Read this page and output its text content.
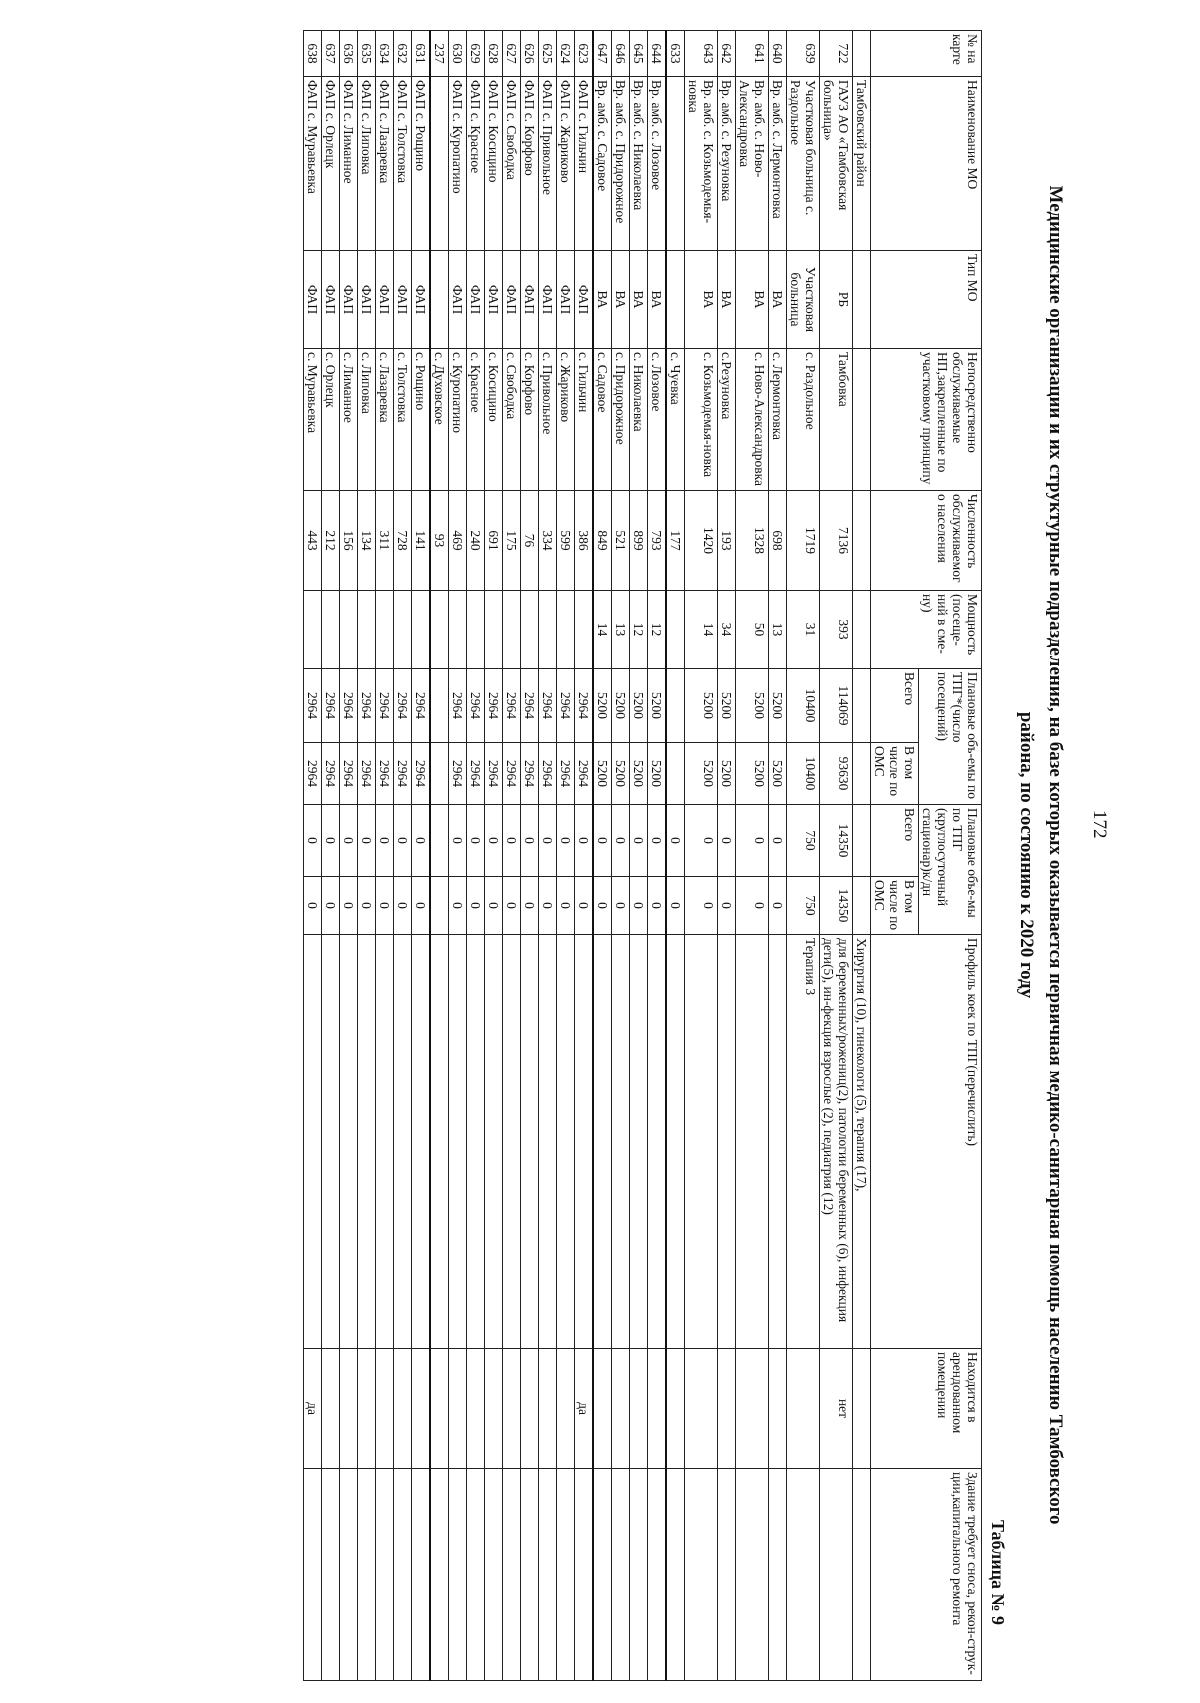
172
Медицинские организации и их структурные подразделения, на базе которых оказывается первичная медико-санитарная помощь населению Тамбовского
района, по состоянию к 2020 году
Таблица № 9
№ на карте	Наименование МО	Тип МО	Непосредственно обслуживаемые НП,закрепленные по участковому принципу	Численность обслуживаемого населения	Мощность (посеще-ний в сме-ну)	Плановые объ-емы по ТПГ*(число посещений)		Плановые объе-мы по ТПГ (круглосуточный стационар)к/дн		Профиль коек по ТПГ(перечислить)	Находится в арендованном помещении	Здание требует сноса, рекон-струк-ции,капитального ремонта
						Всего	В том числе по ОМС	Всего	В том числе по ОМС			
	Тамбовский район									Хирургия (10), гинекологи (5), терапия (17),		
722	ГАУЗ АО «Тамбовская больница»	РБ	Тамбовка	7136	393	114069	93630	14350	14350	для беременных/рожениц(2), патологии беременных (6), инфекция дети(5), ин-фекция взрослые (2), педиатрия (12)	нет	
639	Участковая больница с. Раздольное	Участковая больница	с. Раздольное	1719	31	10400	10400	750	750	Терапия 3		
640	Вр. амб. с. Лермонтовка	ВА	с. Лермонтовка	698	13	5200	5200	0	0			
641	Вр. амб. с. Ново-Александровка	ВА	с. Ново-Александровка	1328	50	5200	5200	0	0			
642	Вр. амб. с. Резуновка	ВА	с.Резуновка	193	34	5200	5200	0	0			
643	Вр. амб. с. Козьмодемья-новка	ВА	с. Козьмодемья-новка	1420	14	5200	5200	0	0			
633			с. Чуевка	177				0	0			
644	Вр. амб. с. Лозовое	ВА	с. Лозовое	793	12	5200	5200	0	0			
645	Вр. амб. с. Николаевка	ВА	с. Николаевка	899	12	5200	5200	0	0			
646	Вр. амб. с. Придорожное	ВА	с. Придорожное	521	13	5200	5200	0	0			
647	Вр. амб. с. Садовое	ВА	с. Садовое	849	14	5200	5200	0	0			
623	ФАП с. Гильчин	ФАП	с. Гильчин	386		2964	2964	0	0		да	
624	ФАП с. Жариково	ФАП	с. Жариково	599		2964	2964	0	0			
625	ФАП с. Привольное	ФАП	с. Привольное	334		2964	2964	0	0			
626	ФАП с. Корфово	ФАП	с. Корфово	76		2964	2964	0	0			
627	ФАП с. Свободка	ФАП	с. Свободка	175		2964	2964	0	0			
628	ФАП с. Косицино	ФАП	с. Косицино	691		2964	2964	0	0			
629	ФАП с. Красное	ФАП	с. Красное	240		2964	2964	0	0			
630	ФАП с. Куропатино	ФАП	с. Куропатино	469		2964	2964	0	0			
237			с. Духовское	93								
631	ФАП с. Рощино	ФАП	с. Рощино	141		2964	2964	0	0			
632	ФАП с. Толстовка	ФАП	с. Толстовка	728		2964	2964	0	0			
634	ФАП с. Лазаревка	ФАП	с. Лазаревка	311		2964	2964	0	0			
635	ФАП с. Липовка	ФАП	с. Липовка	134		2964	2964	0	0			
636	ФАП с. Лиманное	ФАП	с. Лиманное	156		2964	2964	0	0			
637	ФАП с. Орлецк	ФАП	с. Орлецк	212		2964	2964	0	0			
638	ФАП с. Муравьевка	ФАП	с. Муравьевка	443		2964	2964	0	0		да	
